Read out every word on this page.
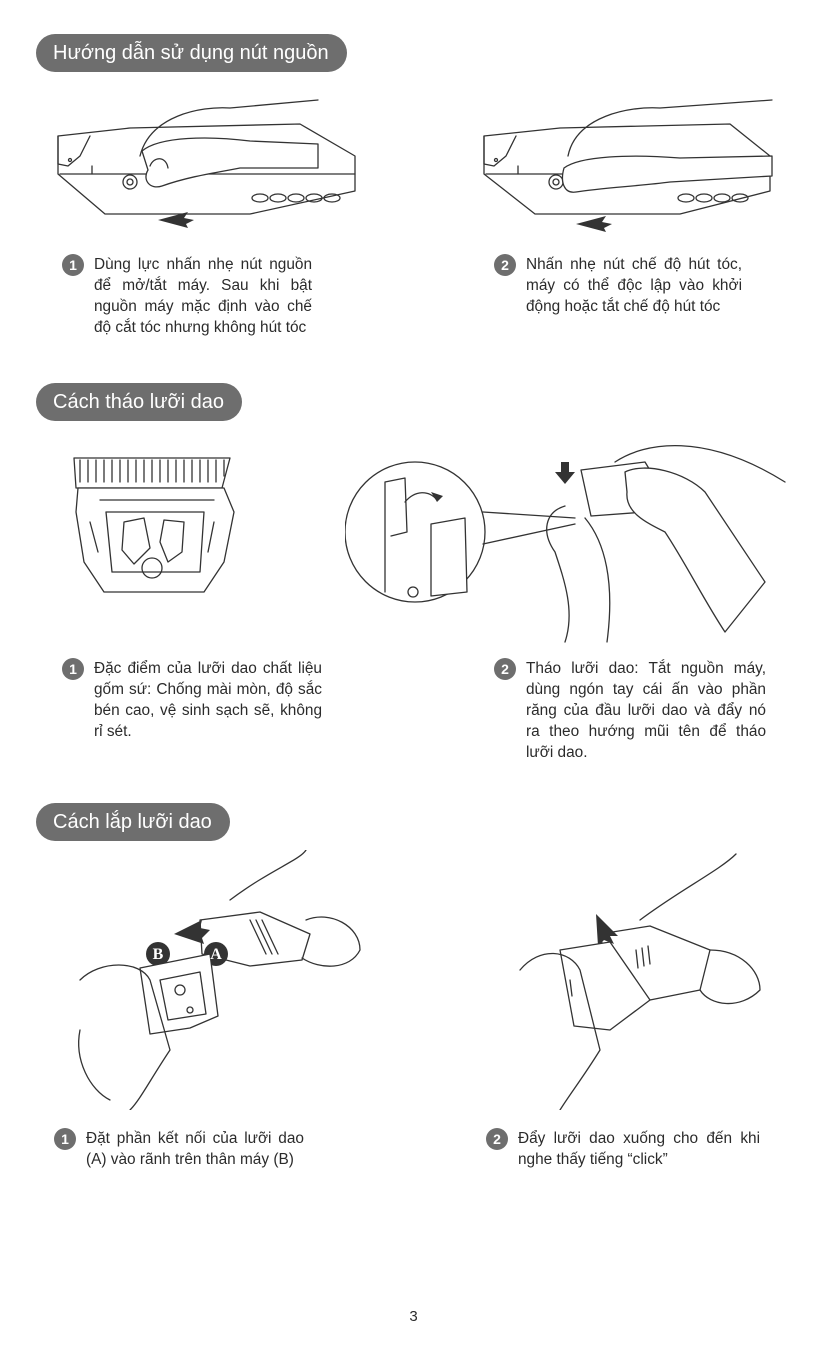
Hướng dẫn sử dụng nút nguồn
1	Dùng lực nhấn nhẹ nút nguồn để mở/tắt máy. Sau khi bật nguồn máy mặc định vào chế độ cắt tóc nhưng không hút tóc
2	Nhấn nhẹ nút chế độ hút tóc, máy có thể độc lập vào khởi động hoặc tắt chế độ hút tóc
Cách tháo lưỡi dao
1	Đặc điểm của lưỡi dao chất liệu gốm sứ: Chống mài mòn, độ sắc bén cao, vệ sinh sạch sẽ, không rỉ sét.
2	Tháo lưỡi dao: Tắt nguồn máy, dùng ngón tay cái ấn vào phần răng của đầu lưỡi dao và đẩy nó ra theo hướng mũi tên để tháo lưỡi dao.
Cách lắp lưỡi dao
B	A
1	Đặt phần kết nối của lưỡi dao (A) vào rãnh trên thân máy (B)
2	Đẩy lưỡi dao xuống cho đến khi nghe thấy tiếng “click”
3
